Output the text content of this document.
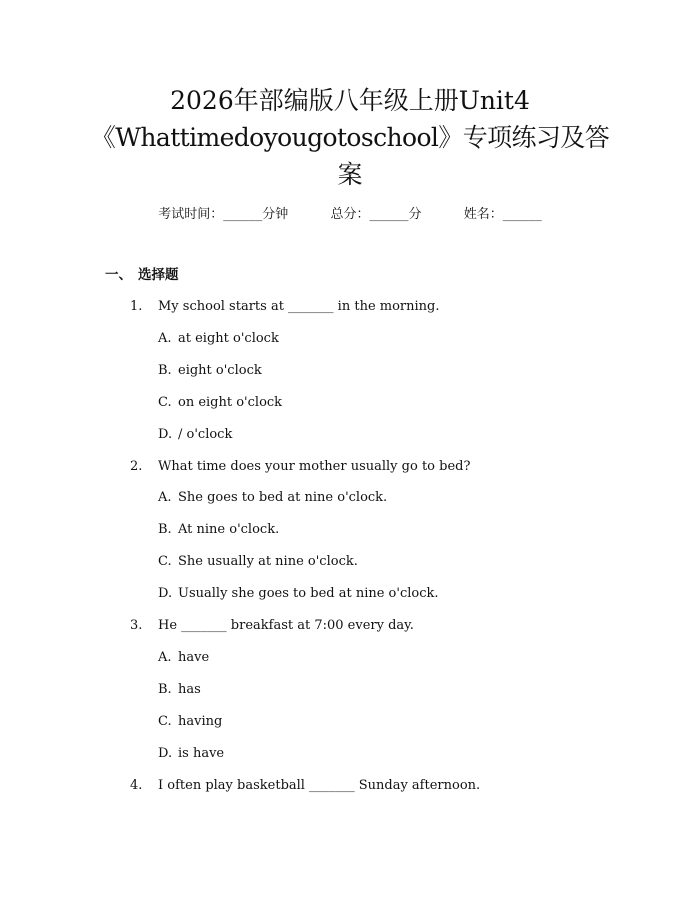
2026年部编版八年级上册Unit4
《Whattimedoyougotoschool》专项练习及答
案
考试时间：______分钟	总分：______分	姓名：______
一、 选择题
1. My school starts at _______ in the morning.
A. at eight o'clock
B. eight o'clock
C. on eight o'clock
D. / o'clock
2. What time does your mother usually go to bed?
A. She goes to bed at nine o'clock.
B. At nine o'clock.
C. She usually at nine o'clock.
D. Usually she goes to bed at nine o'clock.
3. He _______ breakfast at 7:00 every day.
A. have
B. has
C. having
D. is have
4. I often play basketball _______ Sunday afternoon.
